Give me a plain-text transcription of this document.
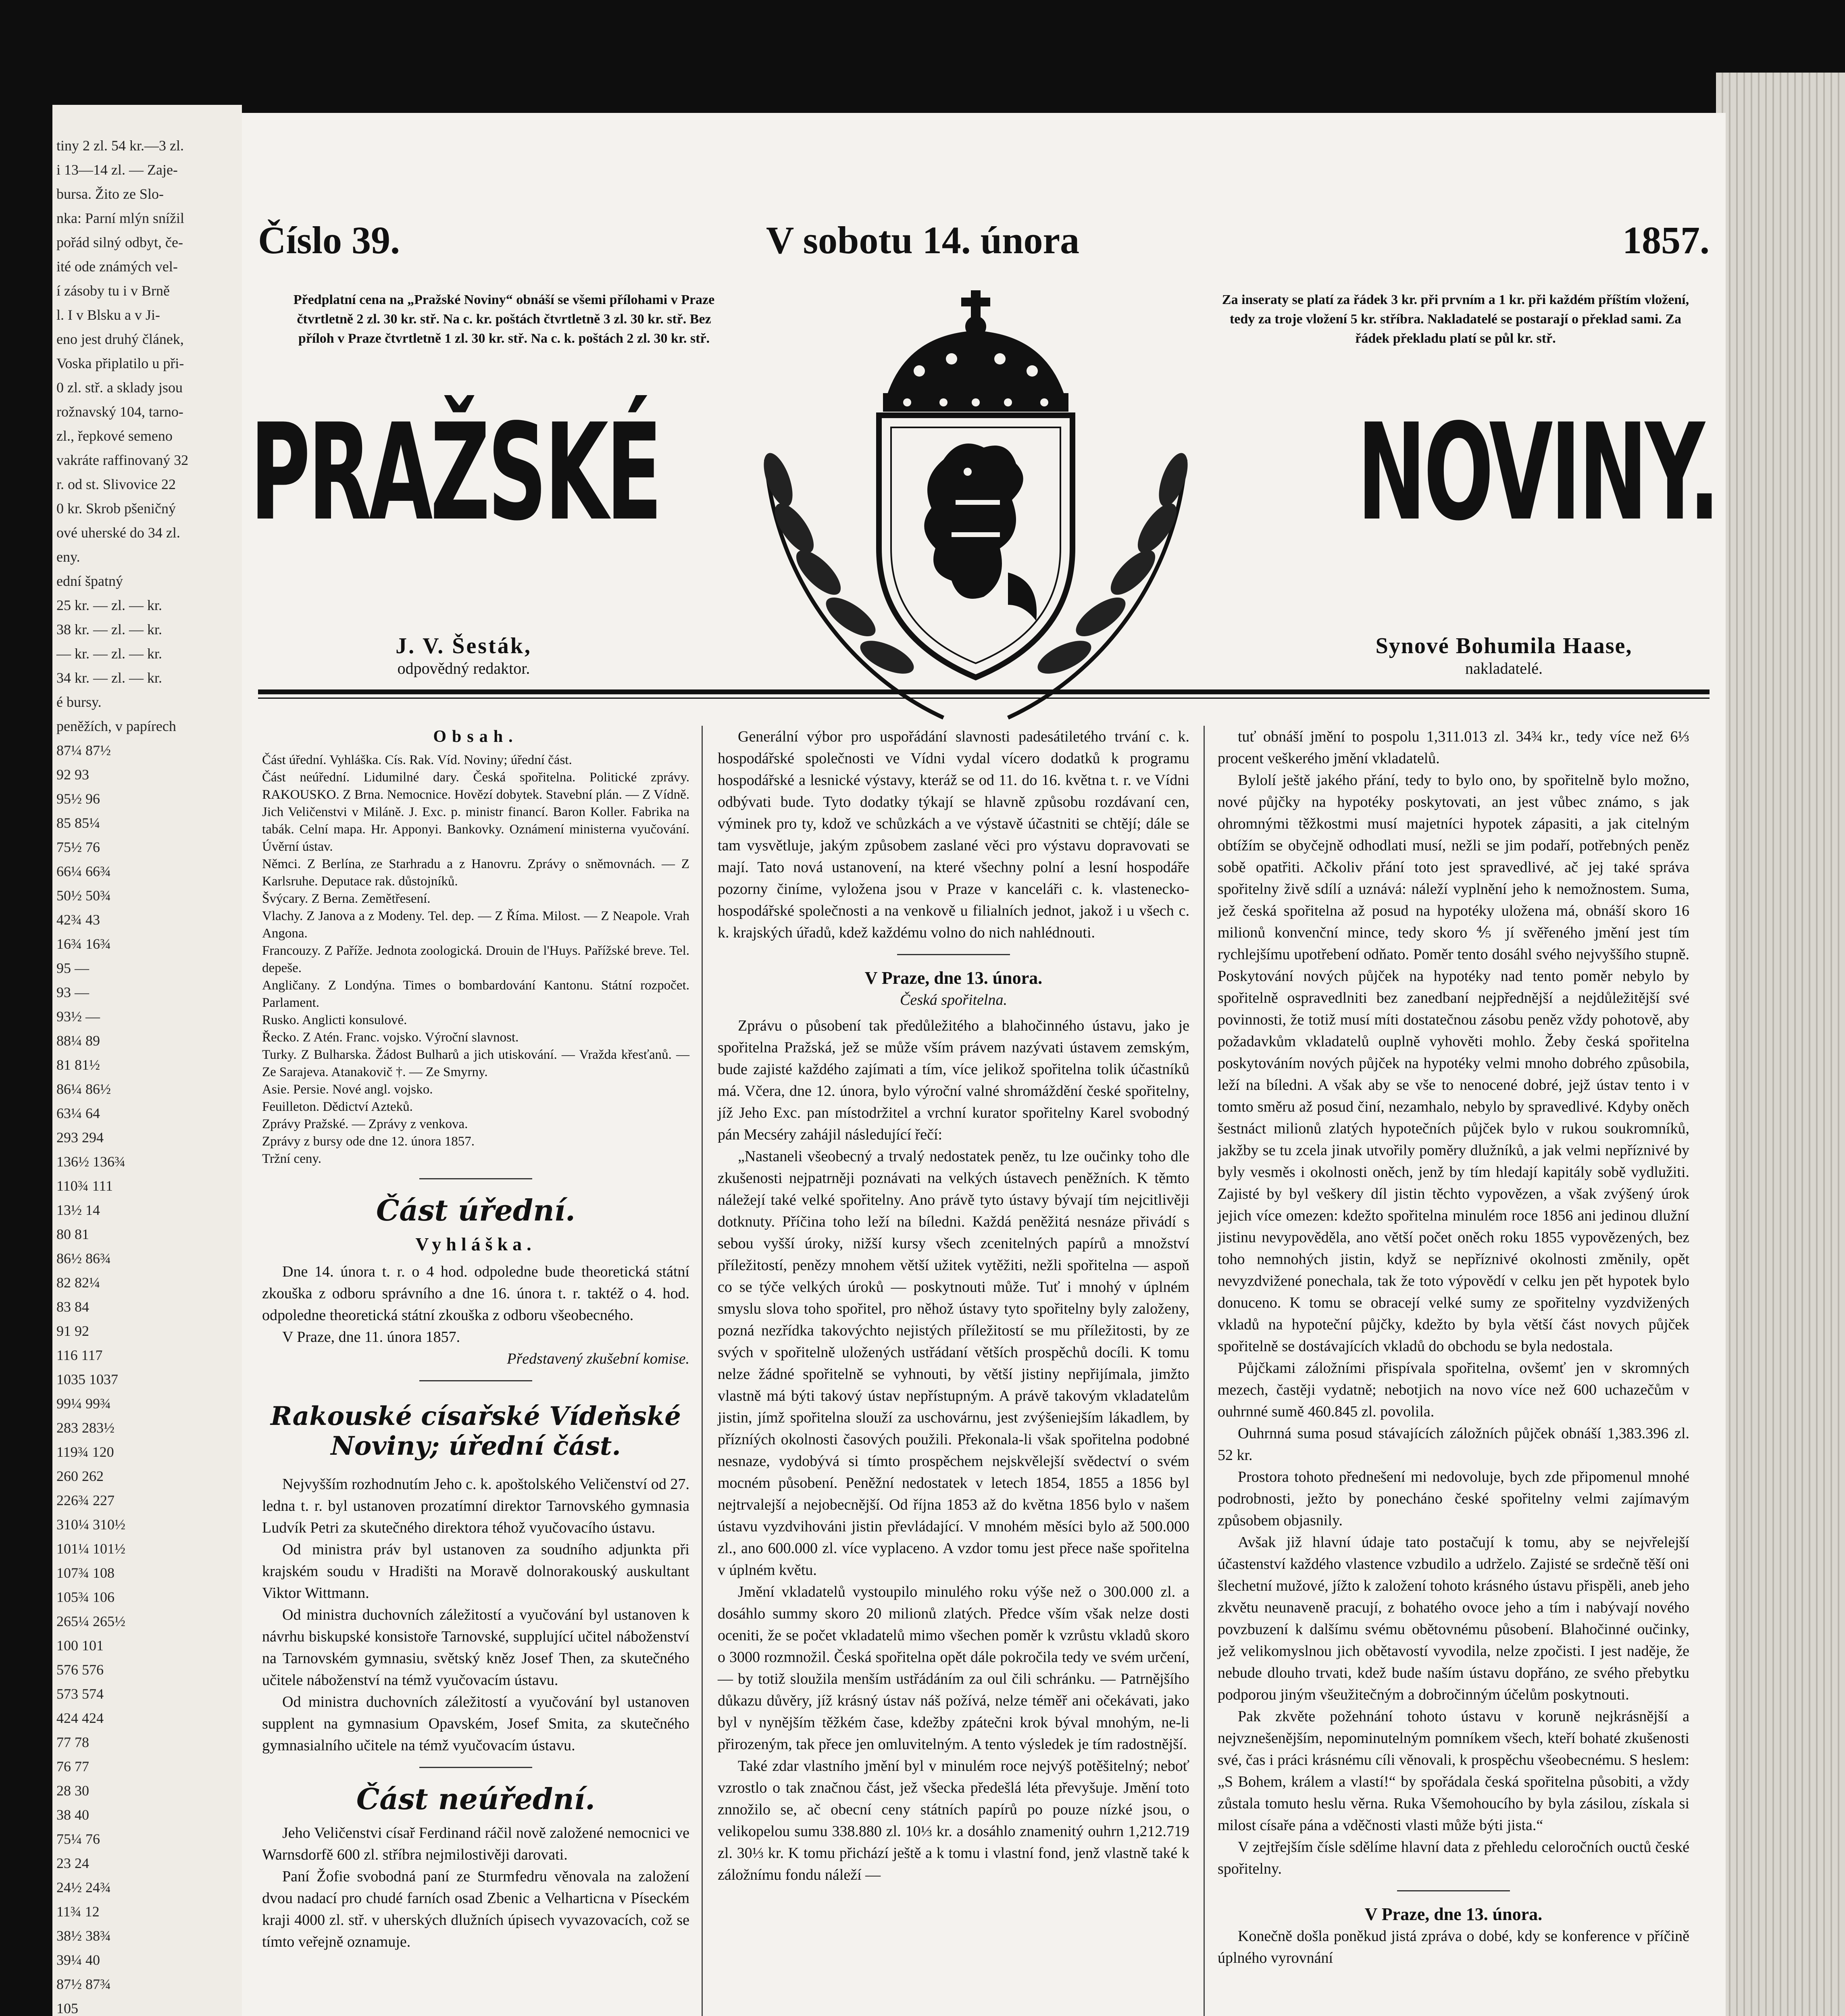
tiny 2 zl. 54 kr.—3 zl.
i 13—14 zl. — Zaje-
bursa. Žito ze Slo-
nka: Parní mlýn snížil
pořád silný odbyt, če-
ité ode známých vel-
í zásoby tu i v Brně
l. I v Blsku a v Ji-
eno jest druhý článek,
Voska připlatilo u při-
0 zl. stř. a sklady jsou
rožnavský 104, tarno-
zl., řepkové semeno
vakráte raffinovaný 32
r. od st. Slivovice 22
0 kr. Skrob pšeničný
ové uherské do 34 zl.
eny.
ední špatný
25 kr. — zl. — kr.
38 kr. — zl. — kr.
— kr. — zl. — kr.
34 kr. — zl. — kr.
é bursy.
peněžích, v papírech
87¼ 87½
92 93
95½ 96
85 85¼
75½ 76
66¼ 66¾
50½ 50¾
42¾ 43
16¾ 16¾
95 —
93 —
93½ —
88¼ 89
81 81½
86¼ 86½
63¼ 64
293 294
136½ 136¾
110¾ 111
13½ 14
80 81
86½ 86¾
82 82¼
83 84
91 92
116 117
1035 1037
99¼ 99¾
283 283½
119¾ 120
260 262
226¾ 227
310¼ 310½
101¼ 101½
107¾ 108
105¾ 106
265¼ 265½
100 101
576 576
573 574
424 424
77 78
76 77
28 30
38 40
75¼ 76
23 24
24½ 24¾
11¾ 12
38½ 38¾
39¼ 40
87½ 87¾
105
Číslo 39.	V sobotu 14. února	1857.
Předplatní cena na „Pražské Noviny“ obnáší se všemi přílohami v Praze čtvrtletně 2 zl. 30 kr. stř. Na c. kr. poštách čtvrtletně 3 zl. 30 kr. stř. Bez příloh v Praze čtvrtletně 1 zl. 30 kr. stř. Na c. k. poštách 2 zl. 30 kr. stř.
Za inseraty se platí za řádek 3 kr. při prvním a 1 kr. při každém příštím vložení, tedy za troje vložení 5 kr. stříbra. Nakladatelé se postarají o překlad sami. Za řádek překladu platí se půl kr. stř.
PRAŽSKÉ	NOVINY.
J. V. Šesták,
odpovědný redaktor.
Synové Bohumila Haase,
nakladatelé.
Obsah.

Část úřední. Vyhláška. Cís. Rak. Víd. Noviny; úřední část.

Část neúřední. Lidumilné dary. Česká spořitelna. Politické zprávy. RAKOUSKO. Z Brna. Nemocnice. Hovězí dobytek. Stavební plán. — Z Vídně. Jich Veličenstvi v Miláně. J. Exc. p. ministr financí. Baron Koller. Fabrika na tabák. Celní mapa. Hr. Apponyi. Bankovky. Oznámení ministerna vyučování. Úvěrní ústav.

Němci. Z Berlína, ze Starhradu a z Hanovru. Zprávy o sněmovnách. — Z Karlsruhe. Deputace rak. důstojníků.

Švýcary. Z Berna. Zemětřesení.

Vlachy. Z Janova a z Modeny. Tel. dep. — Z Říma. Milost. — Z Neapole. Vrah Angona.

Francouzy. Z Paříže. Jednota zoologická. Drouin de l'Huys. Pařížské breve. Tel. depeše.

Angličany. Z Londýna. Times o bombardování Kantonu. Státní rozpočet. Parlament.

Rusko. Anglicti konsulové.

Řecko. Z Atén. Franc. vojsko. Výroční slavnost.

Turky. Z Bulharska. Žádost Bulharů a jich utiskování. — Vražda křesťanů. — Ze Sarajeva. Atanakovič †. — Ze Smyrny.

Asie. Persie. Nové angl. vojsko.

Feuilleton. Dědictví Azteků.

Zprávy Pražské. — Zprávy z venkova.

Zprávy z bursy ode dne 12. února 1857.

Tržní ceny.

Část úřední.
Vyhláška.

Dne 14. února t. r. o 4 hod. odpoledne bude theoretická státní zkouška z odboru správního a dne 16. února t. r. taktéž o 4. hod. odpoledne theoretická státní zkouška z odboru všeobecného.

V Praze, dne 11. února 1857.

Představený zkušební komise.

Rakouské císařské Vídeňské Noviny; úřední část.

Nejvyšším rozhodnutím Jeho c. k. apoštolského Veličenství od 27. ledna t. r. byl ustanoven prozatímní direktor Tarnovského gymnasia Ludvík Petri za skutečného direktora téhož vyučovacího ústavu.

Od ministra práv byl ustanoven za soudního adjunkta při krajském soudu v Hradišti na Moravě dolnorakouský auskultant Viktor Wittmann.

Od ministra duchovních záležitostí a vyučování byl ustanoven k návrhu biskupské konsistoře Tarnovské, supplující učitel náboženství na Tarnovském gymnasiu, světský kněz Josef Then, za skutečného učitele náboženství na témž vyučovacím ústavu.

Od ministra duchovních záležitostí a vyučování byl ustanoven supplent na gymnasium Opavském, Josef Smita, za skutečného gymnasialního učitele na témž vyučovacím ústavu.

Část neúřední.

Jeho Veličenstvi císař Ferdinand ráčil nově založené nemocnici ve Warnsdorfě 600 zl. stříbra nejmilostivěji darovati.

Paní Žofie svobodná paní ze Sturmfedru věnovala na založení dvou nadací pro chudé farních osad Zbenic a Velharticna v Píseckém kraji 4000 zl. stř. v uherských dlužních úpisech vyvazovacích, což se tímto veřejně oznamuje.

Generální výbor pro uspořádání slavnosti padesátiletého trvání c. k. hospodářské společnosti ve Vídni vydal vícero dodatků k programu hospodářské a lesnické výstavy, kteráž se od 11. do 16. května t. r. ve Vídni odbývati bude. Tyto dodatky týkají se hlavně způsobu rozdávaní cen, výminek pro ty, kdož ve schůzkách a ve výstavě účastniti se chtějí; dále se tam vysvětluje, jakým způsobem zaslané věci pro výstavu dopravovati se mají. Tato nová ustanovení, na které všechny polní a lesní hospodáře pozorny činíme, vyložena jsou v Praze v kanceláři c. k. vlastenecko-hospodářské společnosti a na venkově u filialních jednot, jakož i u všech c. k. krajských úřadů, kdež každému volno do nich nahlédnouti.

V Praze, dne 13. února.
Česká spořitelna.

Zprávu o působení tak předůležitého a blahočinného ústavu, jako je spořitelna Pražská, jež se může vším právem nazývati ústavem zemským, bude zajisté každého zajímati a tím, více jelikož spořitelna tolik účastníků má. Včera, dne 12. února, bylo výroční valné shromáždění české spořitelny, jíž Jeho Exc. pan místodržitel a vrchní kurator spořitelny Karel svobodný pán Mecséry zahájil následující řečí:

„Nastaneli všeobecný a trvalý nedostatek peněz, tu lze oučinky toho dle zkušenosti nejpatrněji poznávati na velkých ústavech peněžních. K těmto náležejí také velké spořitelny. Ano právě tyto ústavy bývají tím nejcitlivěji dotknuty. Příčina toho leží na bíledni. Každá peněžitá nesnáze přivádí s sebou vyšší úroky, nižší kursy všech zcenitelných papírů a množství příležitostí, penězy mnohem větší užitek vytěžiti, nežli spořitelna — aspoň co se týče velkých úroků — poskytnouti může. Tuť i mnohý v úplném smyslu slova toho spořitel, pro něhož ústavy tyto spořitelny byly založeny, pozná nezřídka takovýchto nejistých příležitostí se mu příležitosti, by ze svých v spořitelně uložených ustřádaní větších prospěchů docíli. K tomu nelze žádné spořitelně se vyhnouti, by větší jistiny nepřijímala, jimžto vlastně má býti takový ústav nepřístupným. A právě takovým vkladatelům jistin, jímž spořitelna slouží za uschovárnu, jest zvýšeniejším lákadlem, by přízníých okolnosti časových použili. Překonala-li však spořitelna podobné nesnaze, vydobývá si tímto prospěchem nejskvělejší svědectví o svém mocném působení. Peněžní nedostatek v letech 1854, 1855 a 1856 byl nejtrvalejší a nejobecnější. Od října 1853 až do května 1856 bylo v našem ústavu vyzdvihováni jistin převládající. V mnohém měsíci bylo až 500.000 zl., ano 600.000 zl. více vyplaceno. A vzdor tomu jest přece naše spořitelna v úplném květu.

Jmění vkladatelů vystoupilo minulého roku výše než o 300.000 zl. a dosáhlo summy skoro 20 milionů zlatých. Předce vším však nelze dosti oceniti, že se počet vkladatelů mimo všechen poměr k vzrůstu vkladů skoro o 3000 rozmnožil. Česká spořitelna opět dále pokročila tedy ve svém určení, — by totiž sloužila menším ustřádáním za oul čili schránku. — Patrnějšího důkazu důvěry, jíž krásný ústav náš požívá, nelze téměř ani očekávati, jako byl v nynějším těžkém čase, kdežby zpátečni krok býval mnohým, ne-li přirozeným, tak přece jen omluvitelným. A tento výsledek je tím radostnější.

Také zdar vlastního jmění byl v minulém roce nejvýš potěšitelný; neboť vzrostlo o tak značnou část, jež všecka předešlá léta převyšuje. Jmění toto znnožilo se, ač obecní ceny státních papírů po pouze nízké jsou, o velikopelou sumu 338.880 zl. 10⅓ kr. a dosáhlo znamenitý ouhrn 1,212.719 zl. 30⅓ kr. K tomu přichází ještě a k tomu i vlastní fond, jenž vlastně také k záložnímu fondu náleží —

tuť obnáší jmění to pospolu 1,311.013 zl. 34¾ kr., tedy více než 6⅓ procent veškerého jmění vkladatelů.

Bylolí ještě jakého přání, tedy to bylo ono, by spořitelně bylo možno, nové půjčky na hypotéky poskytovati, an jest vůbec známo, s jak ohromnými těžkostmi musí majetníci hypotek zápasiti, a jak citelným obtížím se obyčejně odhodlati musí, nežli se jim podaří, potřebných peněz sobě opatřiti. Ačkoliv přání toto jest spravedlivé, ač jej také správa spořitelny živě sdílí a uznává: náleží vyplnění jeho k nemožnostem. Suma, jež česká spořitelna až posud na hypotéky uložena má, obnáší skoro 16 milionů konvenční mince, tedy skoro ⅘ jí svěřeného jmění jest tím rychlejšímu upotřebení odňato. Poměr tento dosáhl svého nejvyššího stupně. Poskytování nových půjček na hypotéky nad tento poměr nebylo by spořitelně ospravedlniti bez zanedbaní nejpřednější a nejdůležitější své povinnosti, že totiž musí míti dostatečnou zásobu peněz vždy pohotově, aby požadavkům vkladatelů ouplně vyhověti mohlo. Žeby česká spořitelna poskytováním nových půjček na hypotéky velmi mnoho dobrého způsobila, leží na bíledni. A však aby se vše to nenocené dobré, jejž ústav tento i v tomto směru až posud činí, nezamhalo, nebylo by spravedlivé. Kdyby oněch šestnáct milionů zlatých hypotečních půjček bylo v rukou soukromníků, jakžby se tu zcela jinak utvořily poměry dlužníků, a jak velmi nepříznivé by byly vesměs i okolnosti oněch, jenž by tím hledají kapitály sobě vydlužiti. Zajisté by byl veškery díl jistin těchto vypovězen, a však zvýšený úrok jejich více omezen: kdežto spořitelna minulém roce 1856 ani jedinou dlužní jistinu nevypověděla, ano větší počet oněch roku 1855 vypovězených, bez toho nemnohých jistin, když se nepříznivé okolnosti změnily, opět nevyzdvižené ponechala, tak že toto výpovědí v celku jen pět hypotek bylo donuceno. K tomu se obracejí velké sumy ze spořitelny vyzdvižených vkladů na hypoteční půjčky, kdežto by byla větší část novych půjček spořitelně se dostávajících vkladů do obchodu se byla nedostala.

Půjčkami záložními přispívala spořitelna, ovšemť jen v skromných mezech, častěji vydatně; nebotjich na novo více než 600 uchazečům v ouhrnné sumě 460.845 zl. povolila.

Ouhrnná suma posud stávajících záložních půjček obnáší 1,383.396 zl. 52 kr.

Prostora tohoto přednešení mi nedovoluje, bych zde připomenul mnohé podrobnosti, ježto by ponecháno české spořitelny velmi zajímavým způsobem objasnily.

Avšak již hlavní údaje tato postačují k tomu, aby se nejvřelejší účastenství každého vlastence vzbudilo a udrželo. Zajisté se srdečně těší oni šlechetní mužové, jížto k založení tohoto krásného ústavu přispěli, aneb jeho zkvětu neunaveně pracují, z bohatého ovoce jeho a tím i nabývají nového povzbuzení k dalšímu svému obětovnému působení. Blahočinné oučinky, jež velikomyslnou jich obětavostí vyvodila, nelze zpočisti. I jest naděje, že nebude dlouho trvati, kdež bude naším ústavu dopřáno, ze svého přebytku podporou jiným všeužitečným a dobročinným účelům poskytnouti.

Pak zkvěte požehnání tohoto ústavu v koruně nejkrásnější a nejvznešenějším, nepominutelným pomníkem všech, kteří bohaté zkušenosti své, čas i práci krásnému cíli věnovali, k prospěchu všeobecnému. S heslem: „S Bohem, králem a vlastí!“ by spořádala česká spořitelna působiti, a vždy zůstala tomuto heslu věrna. Ruka Všemohoucího by byla zásilou, získala si milost císaře pána a vděčnosti vlasti může býti jista.“

V zejtřejším čísle sdělíme hlavní data z přehledu celoročních ouctů české spořitelny.

V Praze, dne 13. února.

Konečně došla poněkud jistá zpráva o dobé, kdy se konference v příčině úplného vyrovnání
